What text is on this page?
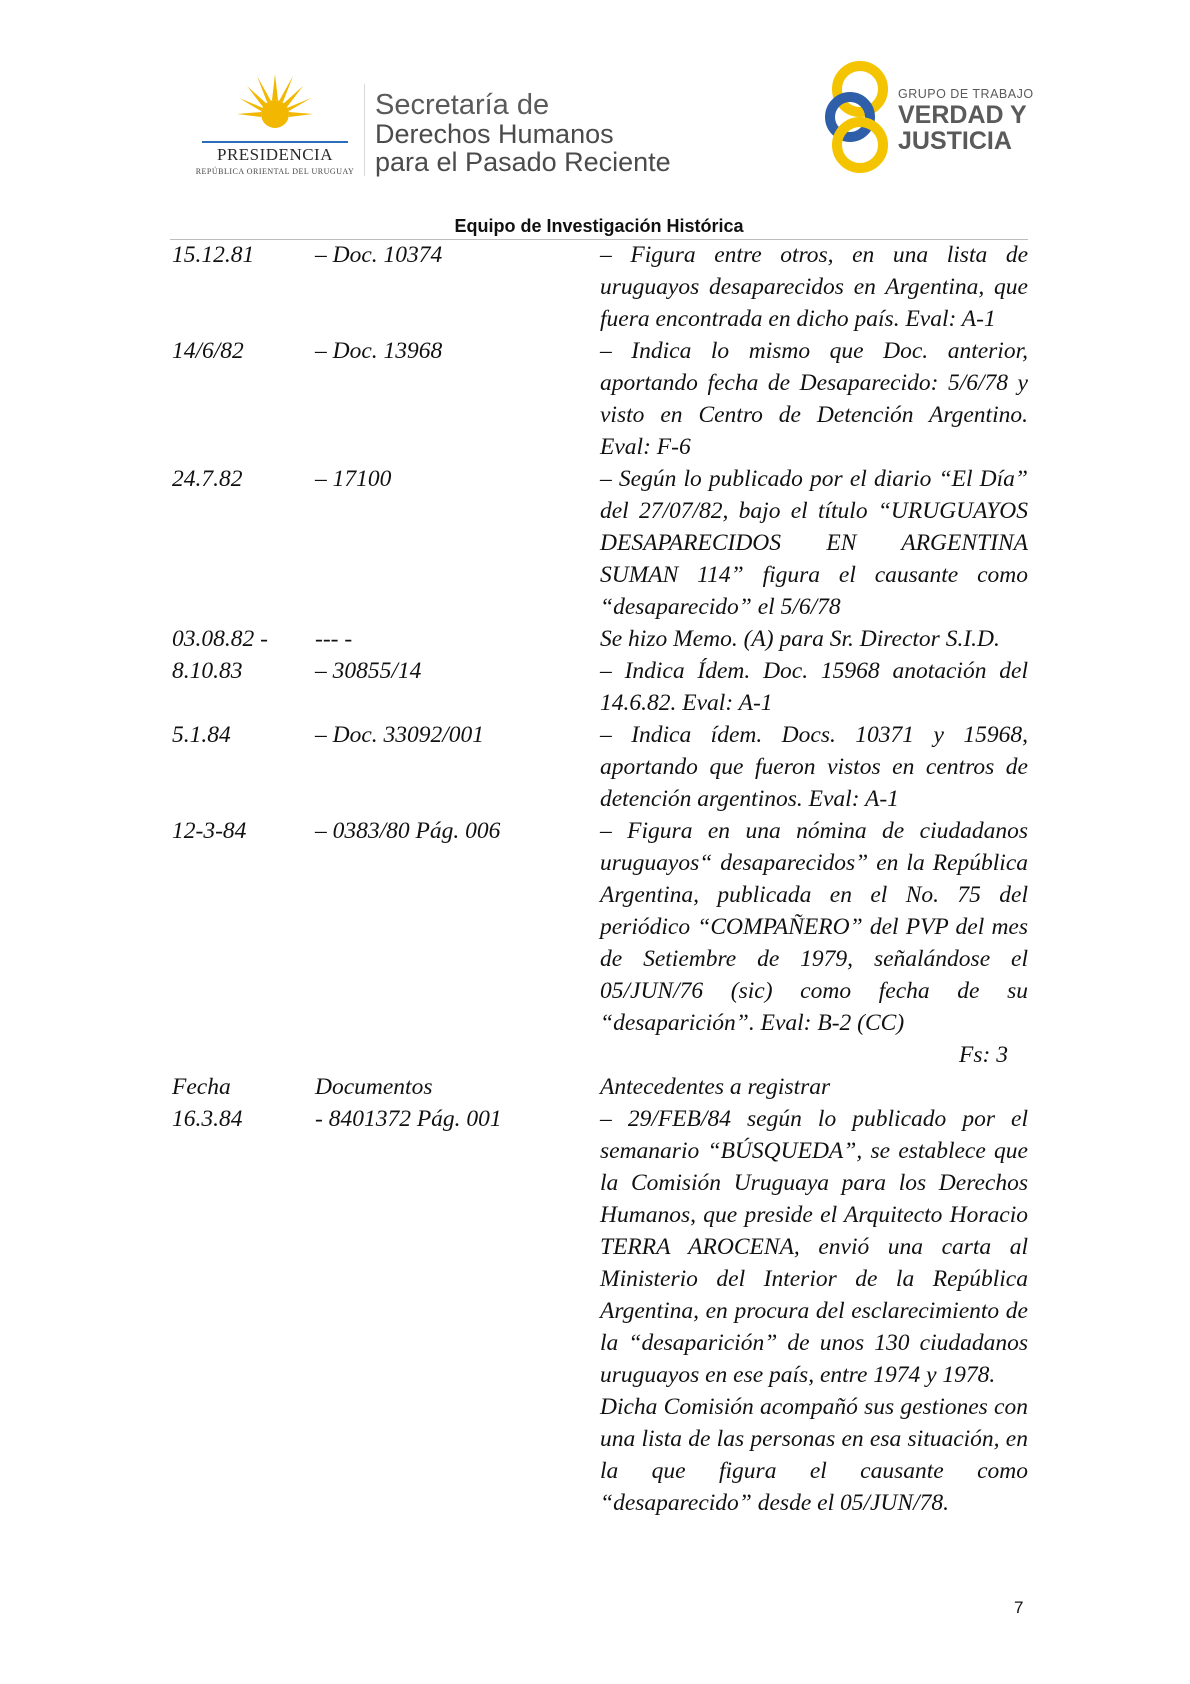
PRESIDENCIA
REPÚBLICA ORIENTAL DEL URUGUAY
Secretaría de
Derechos Humanos
para el Pasado Reciente
GRUPO DE TRABAJO
VERDAD Y
JUSTICIA
Equipo de Investigación Histórica
15.12.81	– Doc. 10374	– Figura entre otros, en una lista de uruguayos desaparecidos en Argentina, que fuera encontrada en dicho país. Eval: A-1
14/6/82	– Doc. 13968	– Indica lo mismo que Doc. anterior, aportando fecha de Desaparecido: 5/6/78 y visto en Centro de Detención Argentino. Eval: F-6
24.7.82	– 17100	– Según lo publicado por el diario “El Día” del 27/07/82, bajo el título “URUGUAYOS DESAPARECIDOS EN ARGENTINA SUMAN 114” figura el causante como “desaparecido” el 5/6/78
03.08.82 -	--- -	Se hizo Memo. (A) para Sr. Director S.I.D.
8.10.83	– 30855/14	– Indica Ídem. Doc. 15968 anotación del 14.6.82. Eval: A-1
5.1.84	– Doc. 33092/001	– Indica ídem. Docs. 10371 y 15968, aportando que fueron vistos en centros de detención argentinos. Eval: A-1
12-3-84	– 0383/80 Pág. 006	– Figura en una nómina de ciudadanos uruguayos“ desaparecidos” en la República Argentina, publicada en el No. 75 del periódico “COMPAÑERO” del PVP del mes de Setiembre de 1979, señalándose el 05/JUN/76 (sic) como fecha de su “desaparición”. Eval: B-2 (CC)
Fs: 3
Fecha	Documentos	Antecedentes a registrar
16.3.84	- 8401372 Pág. 001	– 29/FEB/84 según lo publicado por el semanario “BÚSQUEDA”, se establece que la Comisión Uruguaya para los Derechos Humanos, que preside el Arquitecto Horacio TERRA AROCENA, envió una carta al Ministerio del Interior de la República Argentina, en procura del esclarecimiento de la “desaparición” de unos 130 ciudadanos uruguayos en ese país, entre 1974 y 1978.
Dicha Comisión acompañó sus gestiones con una lista de las personas en esa situación, en la que figura el causante como “desaparecido” desde el 05/JUN/78.
7
